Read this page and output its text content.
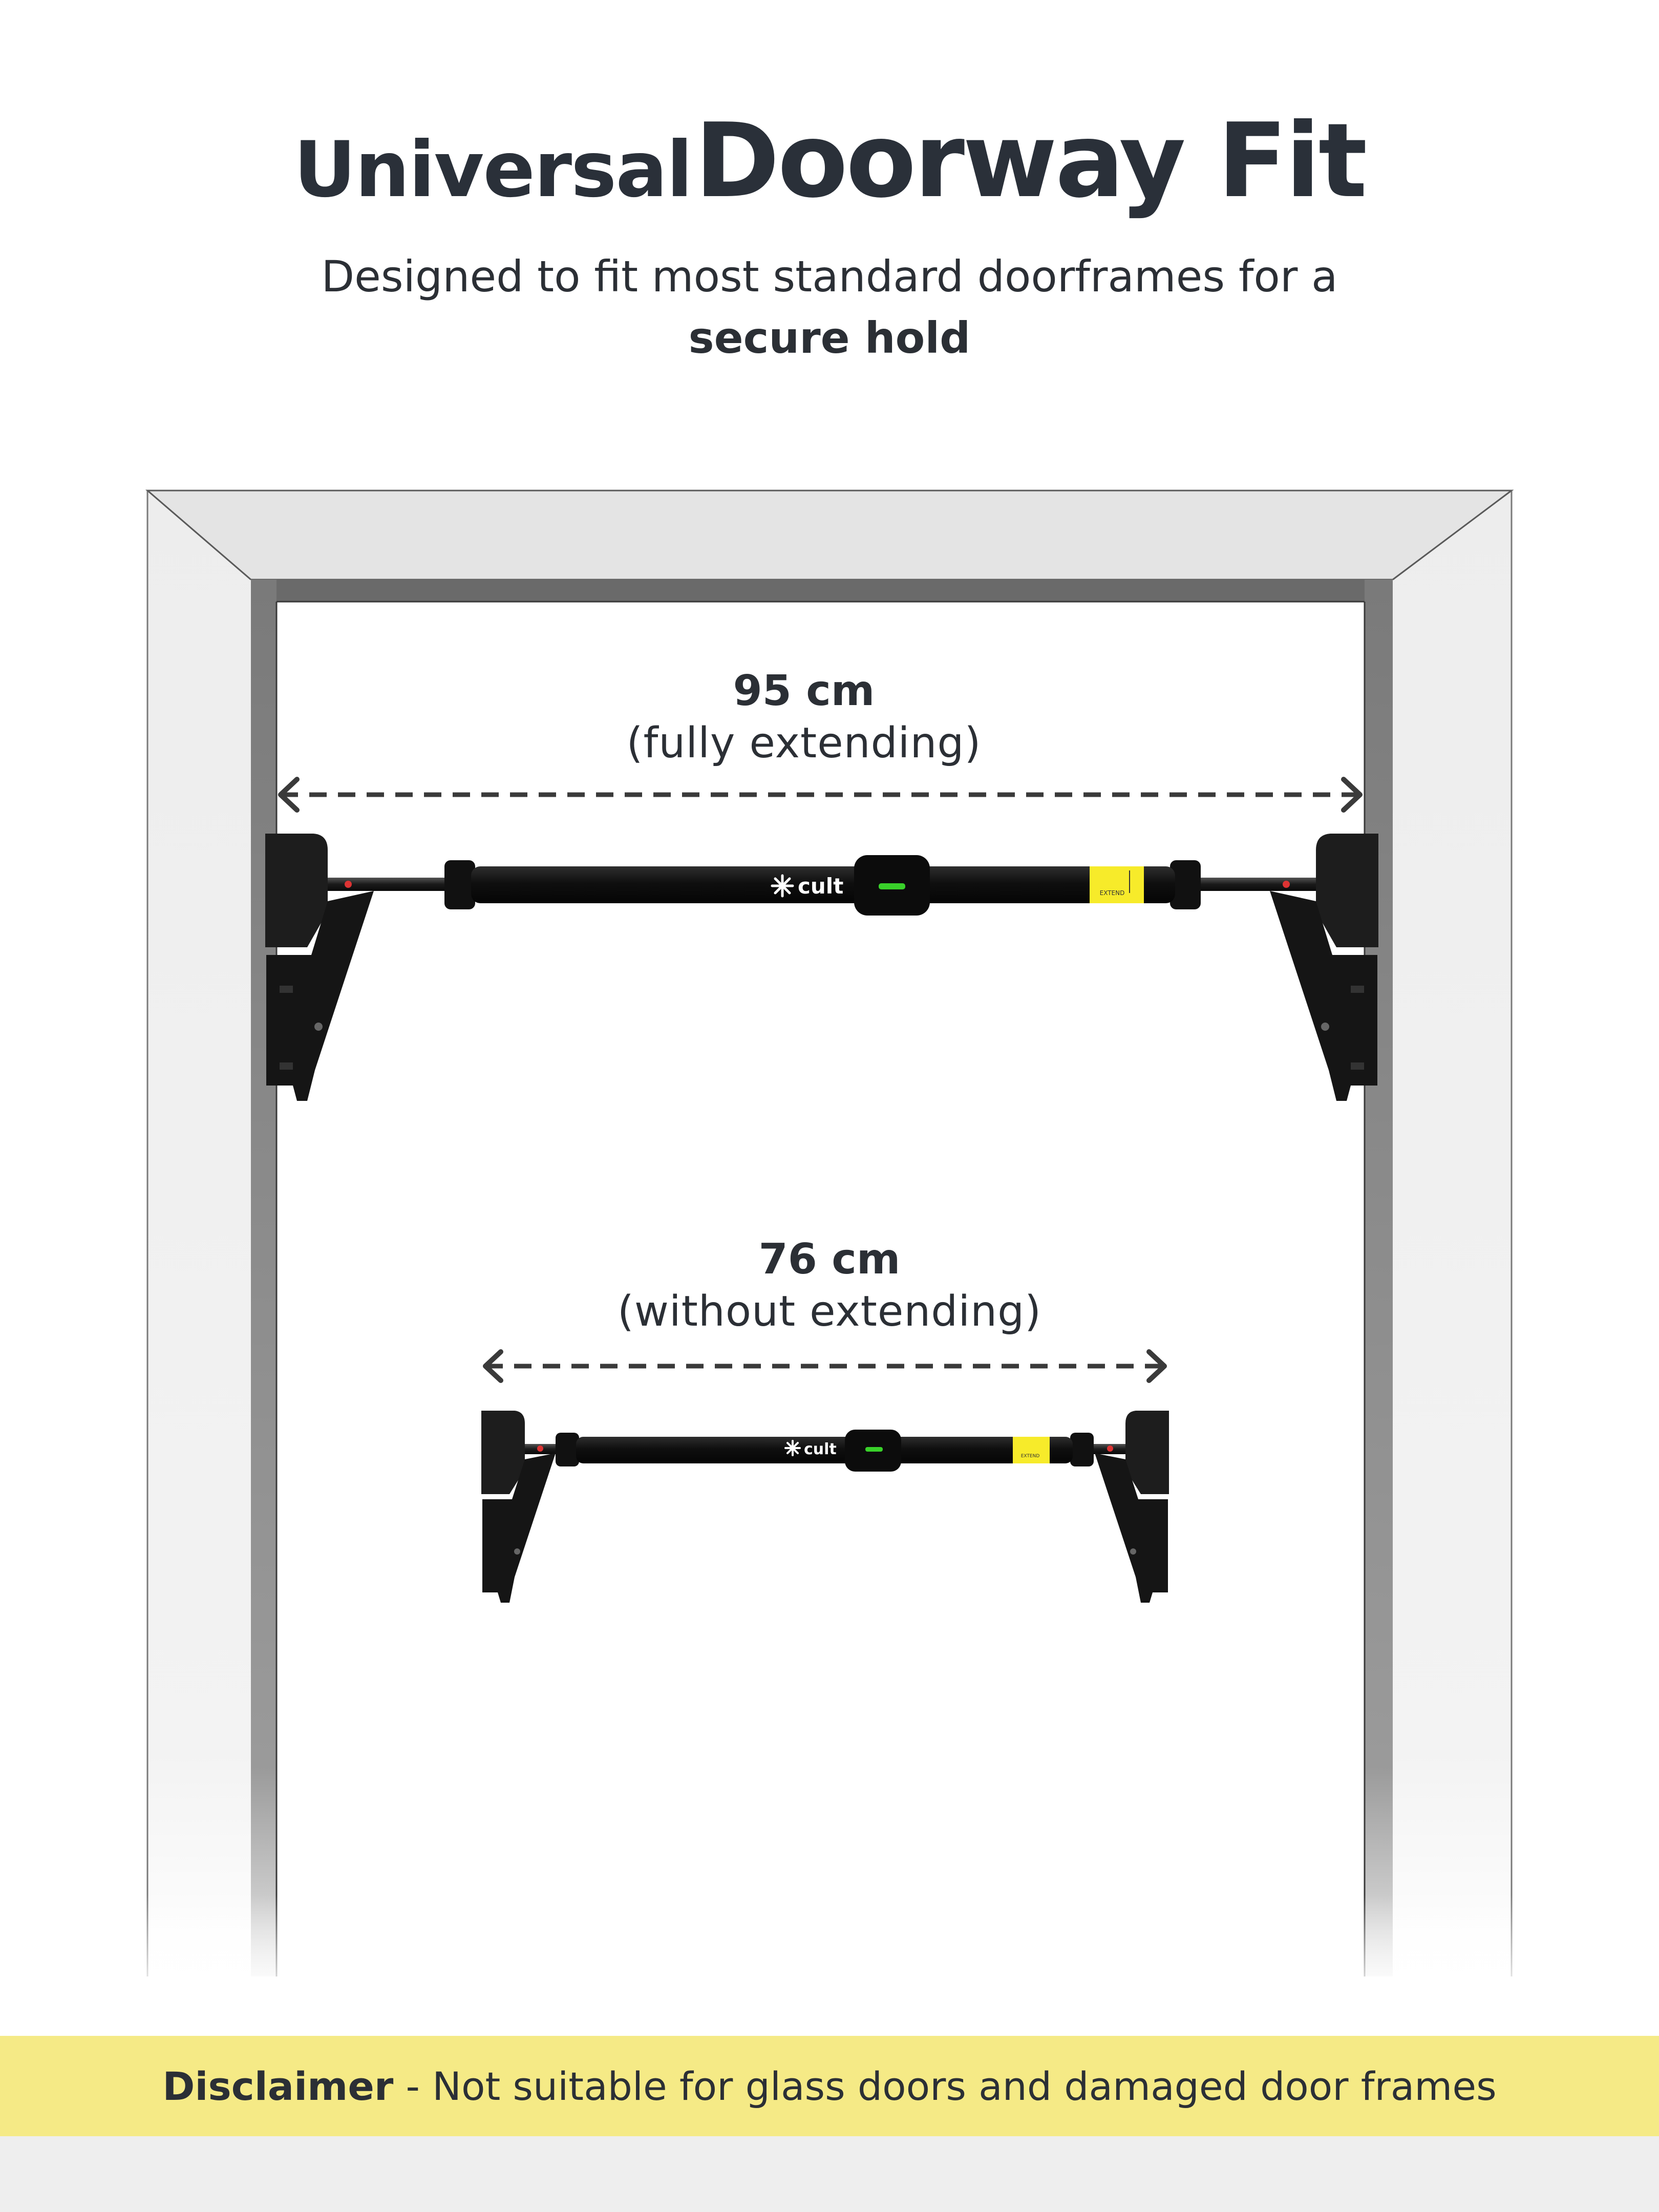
Universal Doorway Fit
Designed to fit most standard doorframes for a
secure hold
EXTEND
cult
EXTEND
cult
95 cm
(fully extending)
76 cm
(without extending)
Disclaimer - Not suitable for glass doors and damaged door frames
